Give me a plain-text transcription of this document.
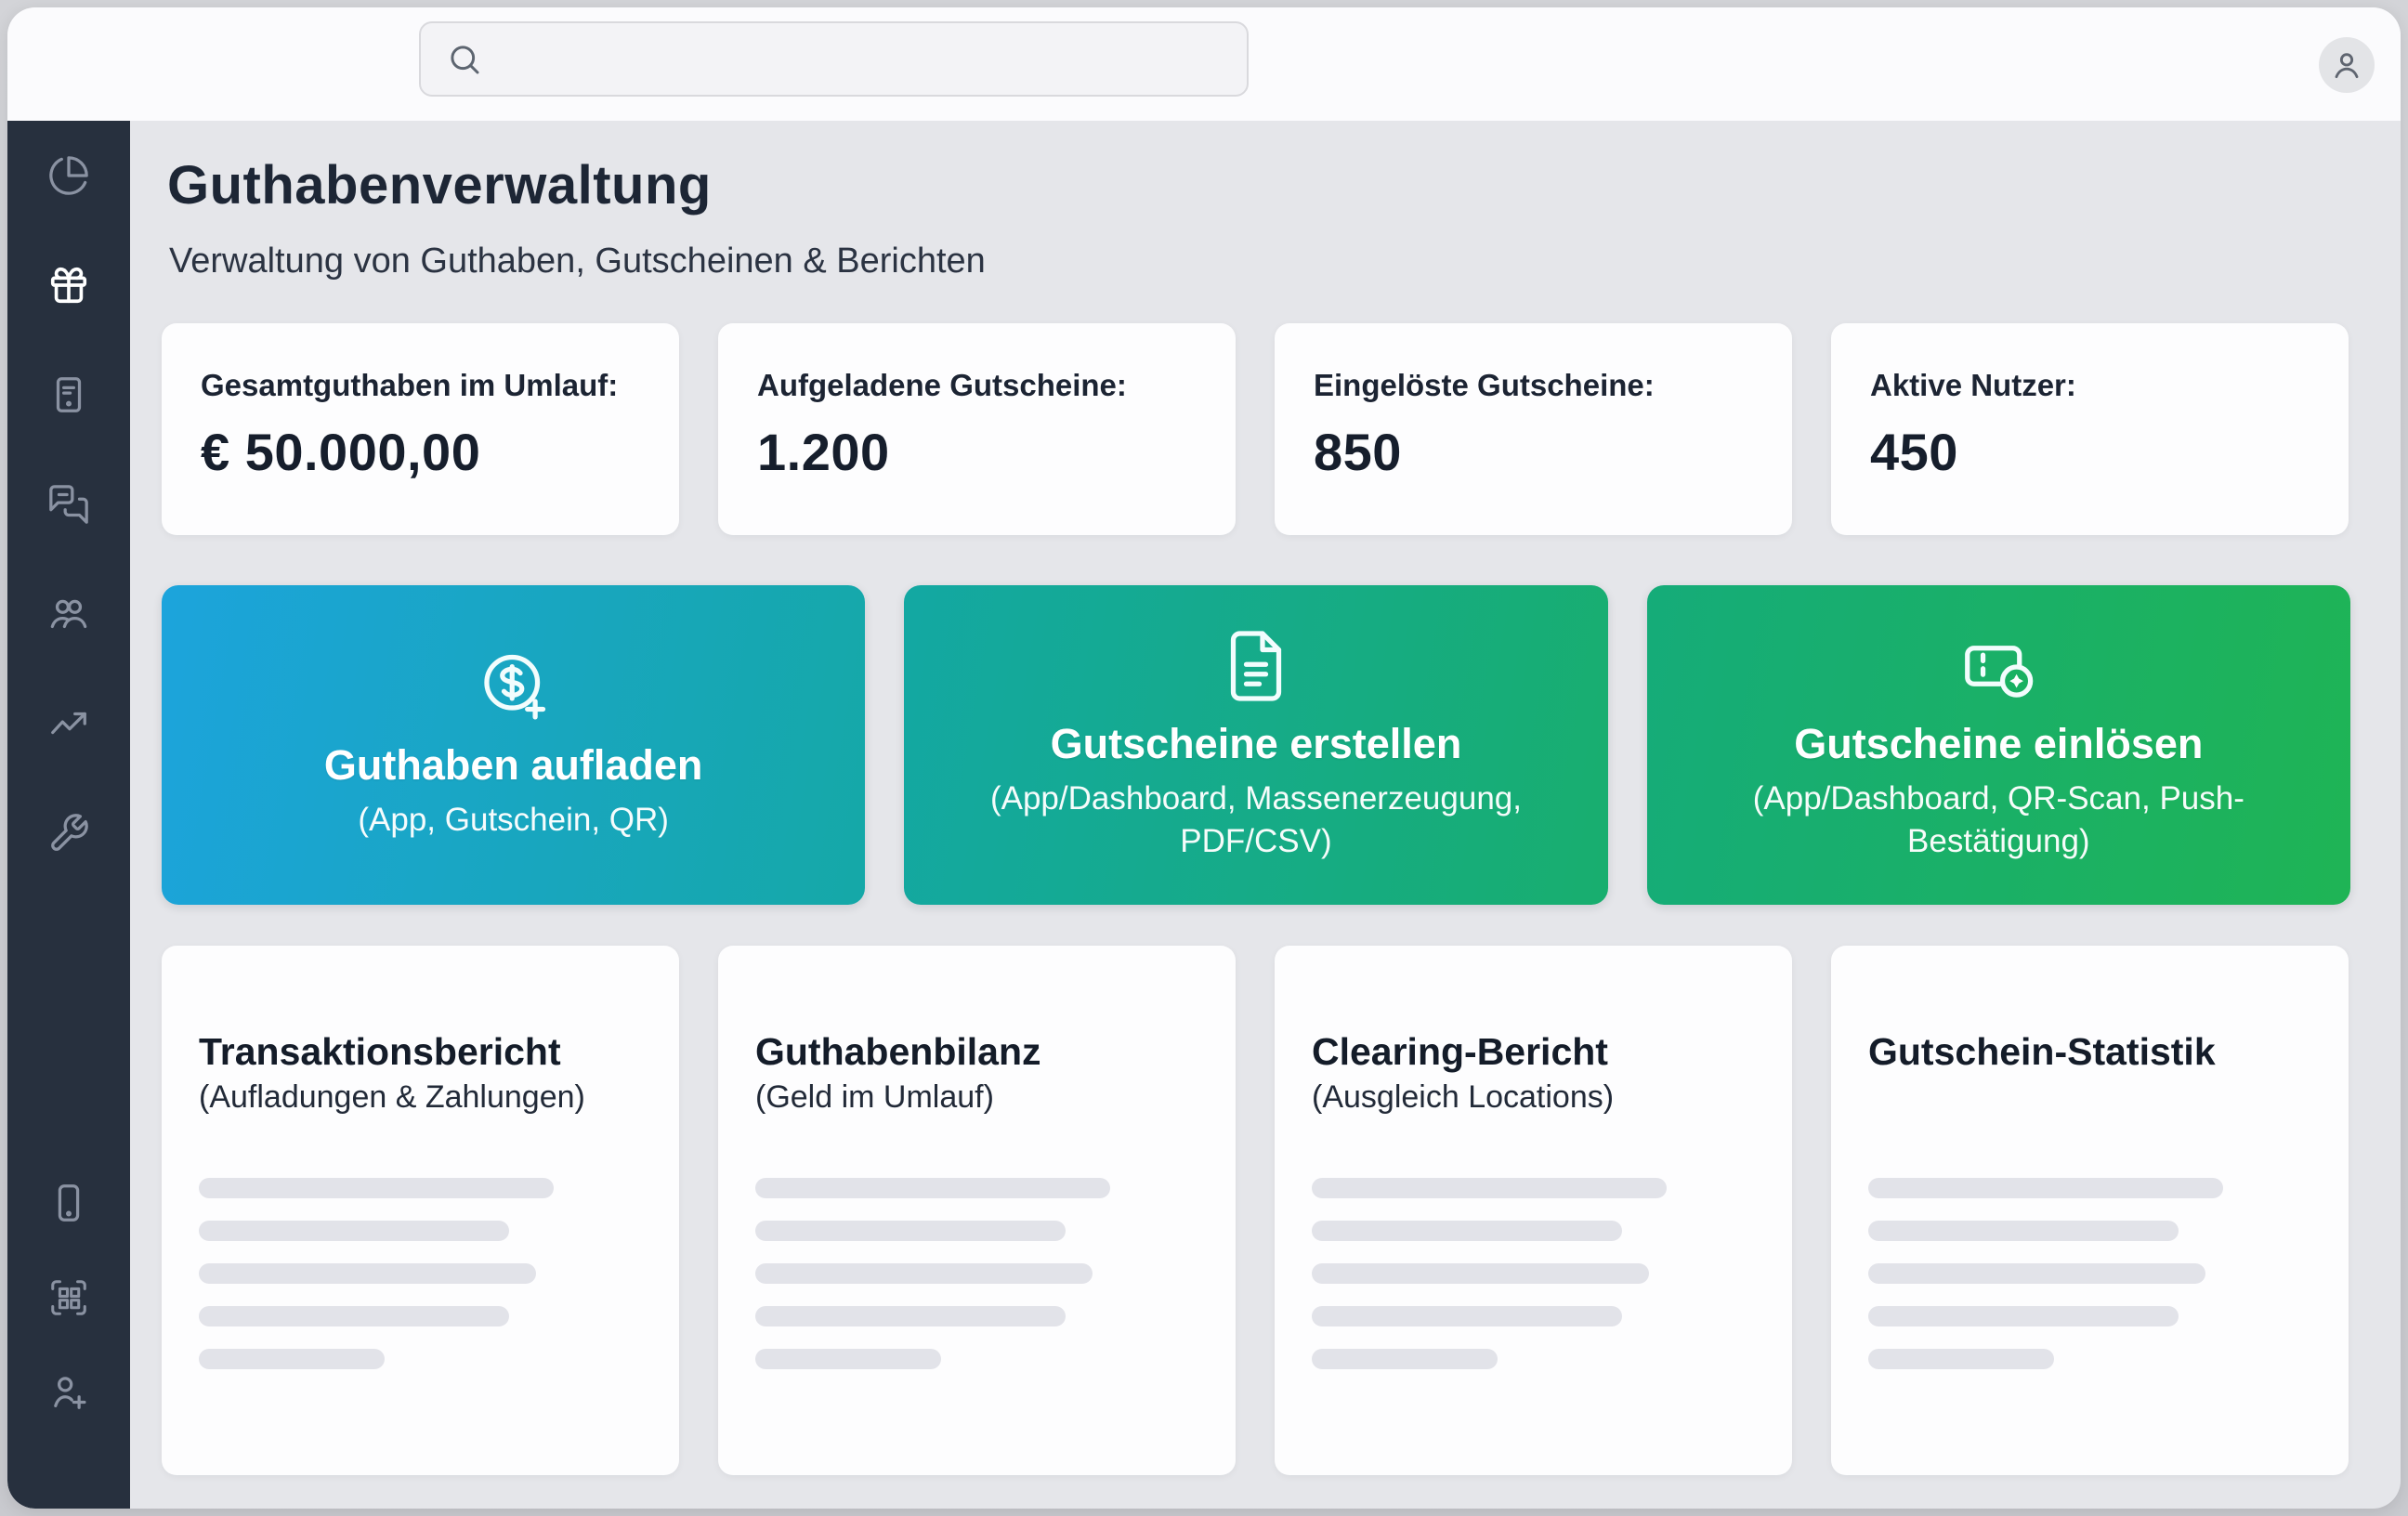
Guthabenverwaltung
Verwaltung von Guthaben, Gutscheinen & Berichten
Gesamtguthaben im Umlauf:
€ 50.000,00
Aufgeladene Gutscheine:
1.200
Eingelöste Gutscheine:
850
Aktive Nutzer:
450
Guthaben aufladen
(App, Gutschein, QR)
Gutscheine erstellen
(App/Dashboard, Massenerzeugung, PDF/CSV)
Gutscheine einlösen
(App/Dashboard, QR-Scan, Push-Bestätigung)
Transaktionsbericht
(Aufladungen & Zahlungen)
Guthabenbilanz
(Geld im Umlauf)
Clearing-Bericht
(Ausgleich Locations)
Gutschein-Statistik
